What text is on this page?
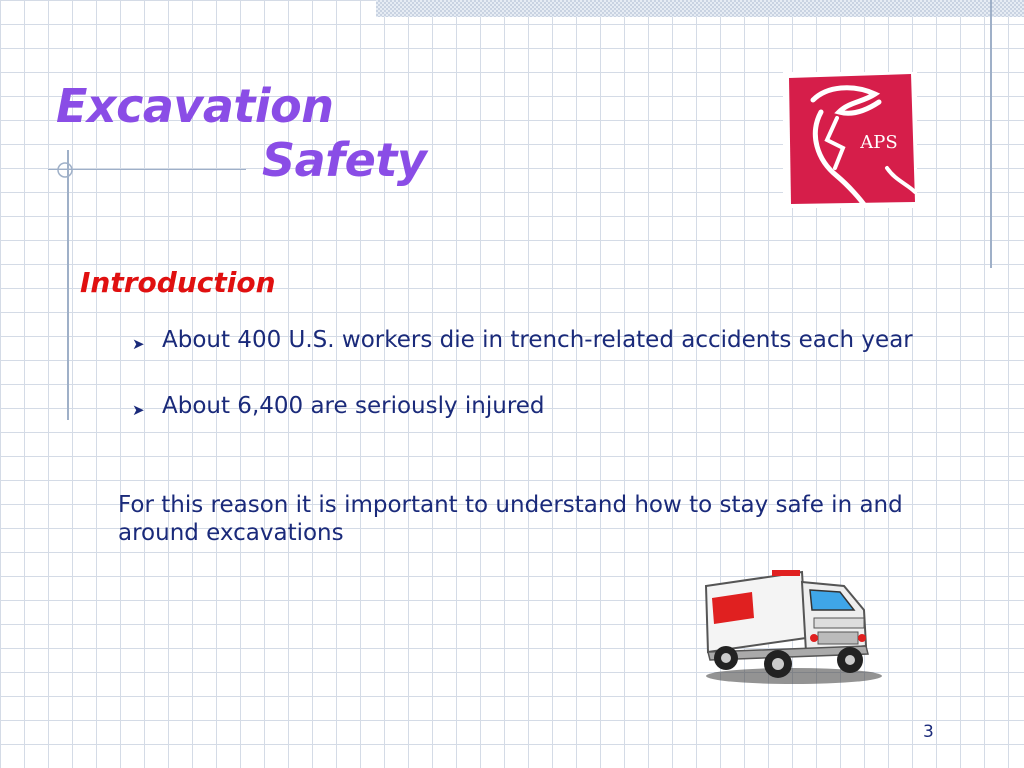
Excavation
Safety	APS
Introduction
➤ About 400 U.S. workers die in trench-related accidents each year
➤ About 6,400 are seriously injured

For this reason it is important to understand how to stay safe in and around excavations

3
